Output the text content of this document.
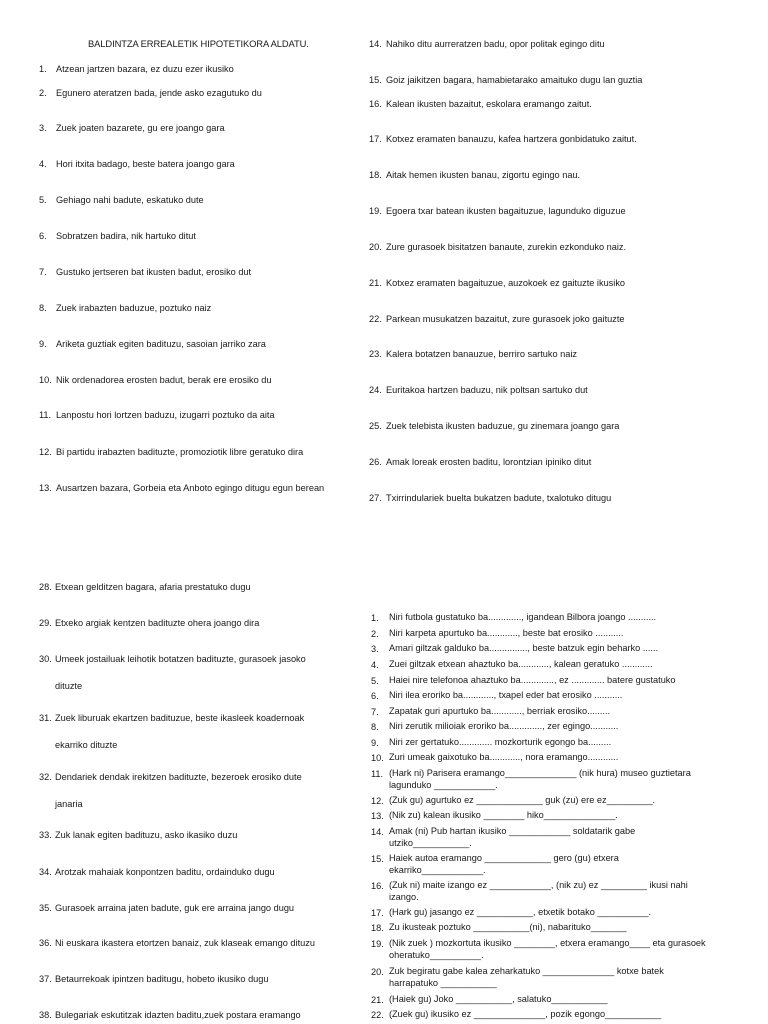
BALDINTZA ERREALETIK HIPOTETIKORA ALDATU.
1. Atzean jartzen bazara, ez duzu ezer ikusiko
2. Egunero ateratzen bada, jende asko ezagutuko du
3. Zuek joaten bazarete, gu ere joango gara
4. Hori itxita badago, beste batera joango gara
5. Gehiago nahi badute, eskatuko dute
6. Sobratzen badira, nik hartuko ditut
7. Gustuko jertseren bat ikusten badut, erosiko dut
8. Zuek irabazten baduzue, poztuko naiz
9. Ariketa guztiak egiten badituzu, sasoian jarriko zara
10. Nik ordenadorea erosten badut, berak ere erosiko du
11. Lanpostu hori lortzen baduzu, izugarri poztuko da aita
12. Bi partidu irabazten badituzte, promoziotik libre geratuko dira
13. Ausartzen bazara, Gorbeia eta Anboto egingo ditugu egun berean
14. Nahiko ditu aurreratzen badu, opor politak egingo ditu
15. Goiz jaikitzen bagara, hamabietarako amaituko dugu lan guztia
16. Kalean ikusten bazaitut, eskolara eramango zaitut.
17. Kotxez eramaten banauzu, kafea hartzera gonbidatuko zaitut.
18. Aitak hemen ikusten banau, zigortu egingo nau.
19. Egoera txar batean ikusten bagaituzue, lagunduko diguzue
20. Zure gurasoek bisitatzen banaute, zurekin ezkonduko naiz.
21. Kotxez eramaten bagaituzue, auzokoek ez gaituzte ikusiko
22. Parkean musukatzen bazaitut, zure gurasoek joko gaituzte
23. Kalera botatzen banauzue, berriro sartuko naiz
24. Euritakoa hartzen baduzu, nik poltsan sartuko dut
25. Zuek telebista ikusten baduzue, gu zinemara joango gara
26. Amak loreak erosten baditu, lorontzian ipiniko ditut
27. Txirrindulariek buelta bukatzen badute, txalotuko ditugu
28. Etxean gelditzen bagara, afaria prestatuko dugu
29. Etxeko argiak kentzen badituzte ohera joango dira
30. Umeek jostailuak leihotik botatzen badituzte, gurasoek jasoko
dituzte
31. Zuek liburuak ekartzen badituzue, beste ikasleek koadernoak
ekarriko dituzte
32. Dendariek dendak irekitzen badituzte, bezeroek erosiko dute
janaria
33. Zuk lanak egiten badituzu, asko ikasiko duzu
34. Arotzak mahaiak konpontzen baditu, ordainduko dugu
35. Gurasoek arraina jaten badute, guk ere arraina jango dugu
36. Ni euskara ikastera etortzen banaiz, zuk klaseak emango dituzu
37. Betaurrekoak ipintzen baditugu, hobeto ikusiko dugu
38. Bulegariak eskutitzak idazten baditu,zuek postara eramango
1. Niri futbola gustatuko ba............., igandean Bilbora joango ...........
2. Niri karpeta apurtuko ba............, beste bat erosiko ...........
3. Amari giltzak galduko ba..............., beste batzuk egin beharko ......
4. Zuei giltzak etxean ahaztuko ba............, kalean geratuko ............
5. Haiei nire telefonoa ahaztuko ba............., ez ............. batere gustatuko
6. Niri ilea eroriko ba............, txapel eder bat erosiko ...........
7. Zapatak guri apurtuko ba............, berriak erosiko.........
8. Niri zerutik milioiak eroriko ba............., zer egingo...........
9. Niri zer gertatuko............. mozkorturik egongo ba.........
10. Zuri umeak gaixotuko ba............, nora eramango............
11. (Hark ni) Parisera eramango______________ (nik hura) museo guztietara
lagunduko ____________.
12. (Zuk gu) agurtuko ez _____________ guk (zu) ere ez_________.
13. (Nik zu) kalean ikusiko ________ hiko______________.
14. Amak (ni) Pub hartan ikusiko ____________ soldatarik gabe
utziko___________.
15. Haiek autoa eramango _____________ gero (gu) etxera
ekarriko____________.
16. (Zuk ni) maite izango ez ____________, (nik zu) ez _________ ikusi nahi
izango.
17. (Hark gu) jasango ez ___________, etxetik botako __________.
18. Zu ikusteak poztuko ___________(ni), nabarituko_______
19. (Nik zuek ) mozkortuta ikusiko ________, etxera eramango____ eta gurasoek
oheratuko__________.
20. Zuk begiratu gabe kalea zeharkatuko ______________ kotxe batek
harrapatuko ___________
21. (Haiek gu) Joko ___________, salatuko___________
22. (Zuek gu) ikusiko ez ______________, pozik egongo___________
